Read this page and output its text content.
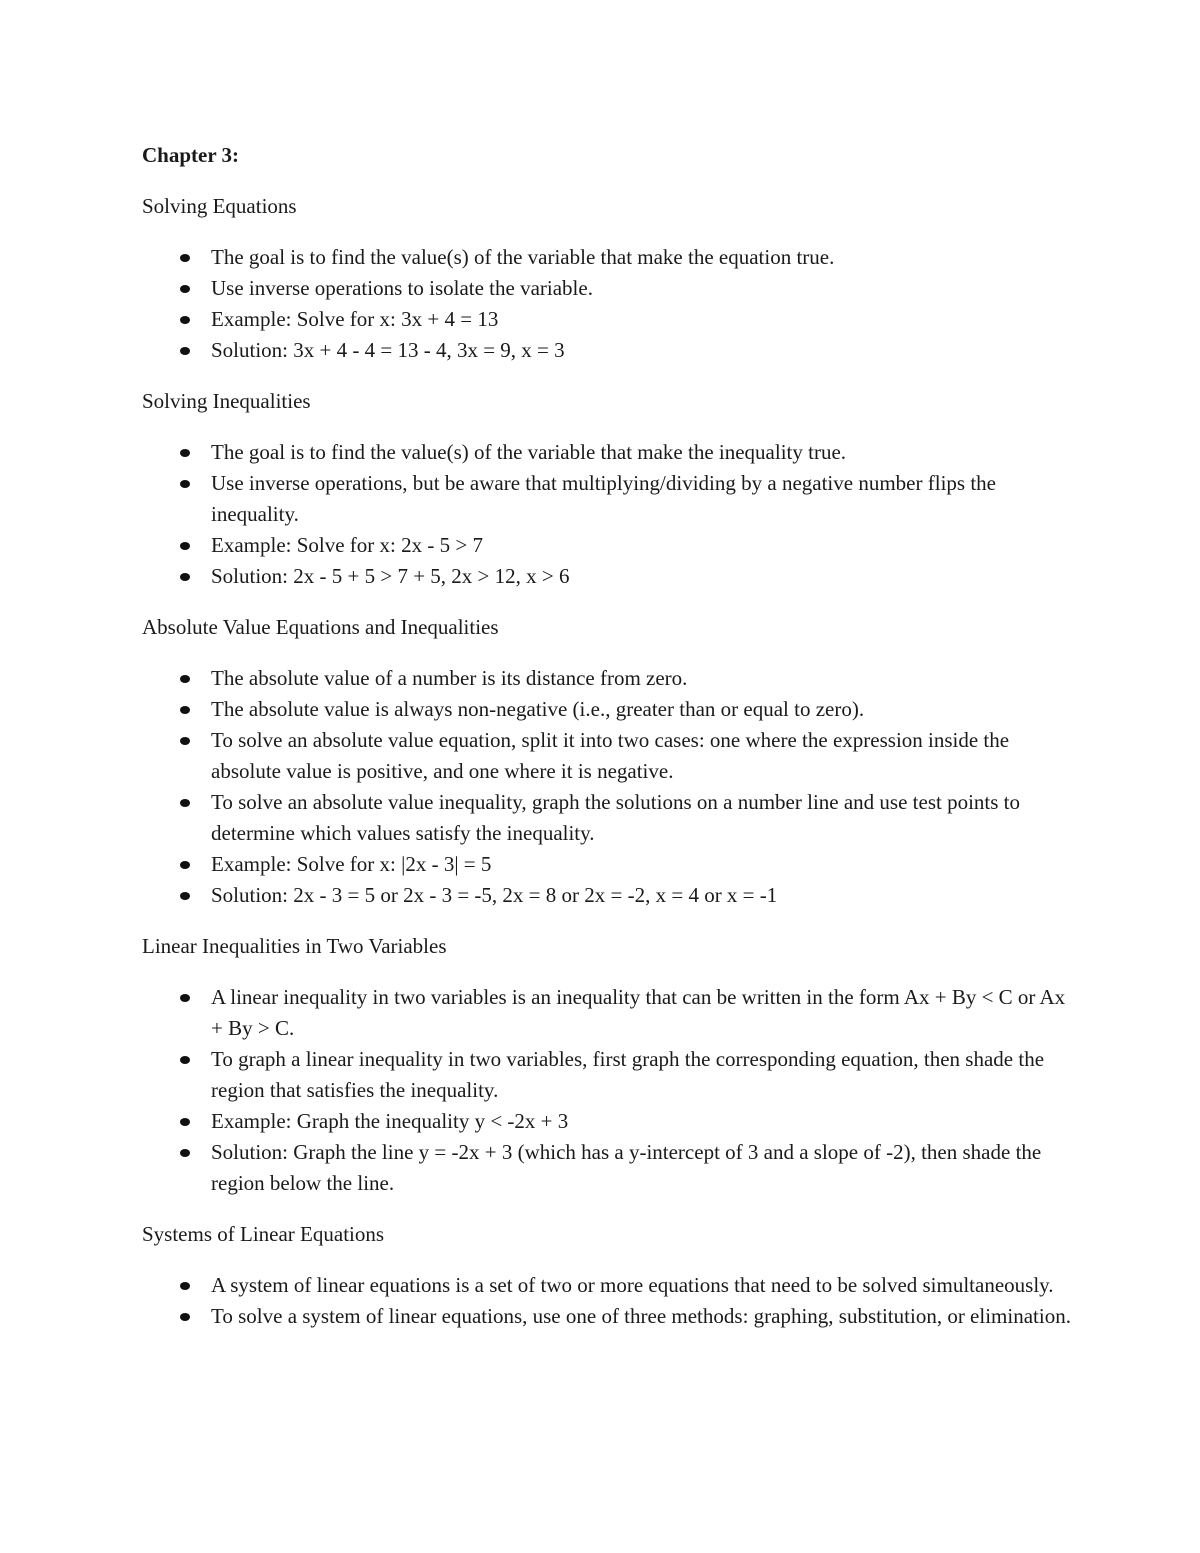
Chapter 3:
Solving Equations
The goal is to find the value(s) of the variable that make the equation true.
Use inverse operations to isolate the variable.
Example: Solve for x: 3x + 4 = 13
Solution: 3x + 4 - 4 = 13 - 4, 3x = 9, x = 3
Solving Inequalities
The goal is to find the value(s) of the variable that make the inequality true.
Use inverse operations, but be aware that multiplying/dividing by a negative number flips the inequality.
Example: Solve for x: 2x - 5 > 7
Solution: 2x - 5 + 5 > 7 + 5, 2x > 12, x > 6
Absolute Value Equations and Inequalities
The absolute value of a number is its distance from zero.
The absolute value is always non-negative (i.e., greater than or equal to zero).
To solve an absolute value equation, split it into two cases: one where the expression inside the absolute value is positive, and one where it is negative.
To solve an absolute value inequality, graph the solutions on a number line and use test points to determine which values satisfy the inequality.
Example: Solve for x: |2x - 3| = 5
Solution: 2x - 3 = 5 or 2x - 3 = -5, 2x = 8 or 2x = -2, x = 4 or x = -1
Linear Inequalities in Two Variables
A linear inequality in two variables is an inequality that can be written in the form Ax + By < C or Ax + By > C.
To graph a linear inequality in two variables, first graph the corresponding equation, then shade the region that satisfies the inequality.
Example: Graph the inequality y < -2x + 3
Solution: Graph the line y = -2x + 3 (which has a y-intercept of 3 and a slope of -2), then shade the region below the line.
Systems of Linear Equations
A system of linear equations is a set of two or more equations that need to be solved simultaneously.
To solve a system of linear equations, use one of three methods: graphing, substitution, or elimination.
